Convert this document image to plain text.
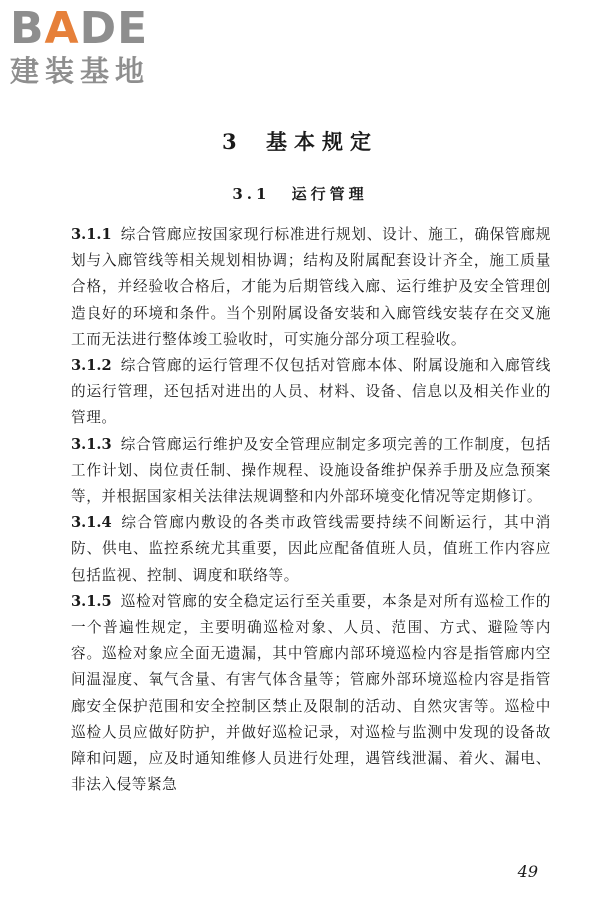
BADE
建装基地
3 基本规定
3.1 运行管理

3.1.1 综合管廊应按国家现行标准进行规划、设计、施工，确保管廊规划与入廊管线等相关规划相协调；结构及附属配套设计齐全，施工质量合格，并经验收合格后，才能为后期管线入廊、运行维护及安全管理创造良好的环境和条件。当个别附属设备安装和入廊管线安装存在交叉施工而无法进行整体竣工验收时，可实施分部分项工程验收。

3.1.2 综合管廊的运行管理不仅包括对管廊本体、附属设施和入廊管线的运行管理，还包括对进出的人员、材料、设备、信息以及相关作业的管理。

3.1.3 综合管廊运行维护及安全管理应制定多项完善的工作制度，包括工作计划、岗位责任制、操作规程、设施设备维护保养手册及应急预案等，并根据国家相关法律法规调整和内外部环境变化情况等定期修订。

3.1.4 综合管廊内敷设的各类市政管线需要持续不间断运行，其中消防、供电、监控系统尤其重要，因此应配备值班人员，值班工作内容应包括监视、控制、调度和联络等。

3.1.5 巡检对管廊的安全稳定运行至关重要，本条是对所有巡检工作的一个普遍性规定，主要明确巡检对象、人员、范围、方式、避险等内容。巡检对象应全面无遗漏，其中管廊内部环境巡检内容是指管廊内空间温湿度、氧气含量、有害气体含量等；管廊外部环境巡检内容是指管廊安全保护范围和安全控制区禁止及限制的活动、自然灾害等。巡检中巡检人员应做好防护，并做好巡检记录，对巡检与监测中发现的设备故障和问题，应及时通知维修人员进行处理，遇管线泄漏、着火、漏电、非法入侵等紧急

49
